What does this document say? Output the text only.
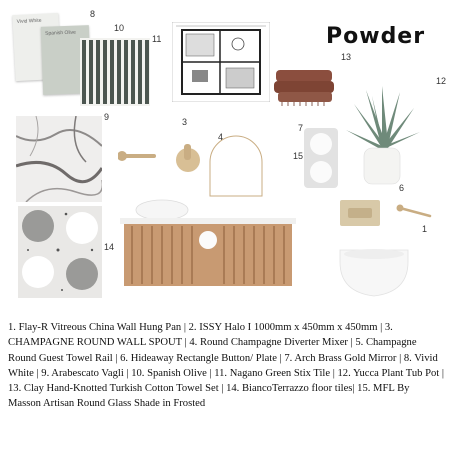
Powder
Vivid White
Spanish Olive
8
10
11
13
12
9	3
4
7
15
6
14
1
1. Flay-R Vitreous China Wall Hung Pan | 2. ISSY Halo I 1000mm x 450mm x 450mm | 3. CHAMPAGNE ROUND WALL SPOUT | 4. Round Champagne Diverter Mixer | 5. Champagne Round Guest Towel Rail | 6. Hideaway Rectangle Button/ Plate | 7. Arch Brass Gold Mirror | 8. Vivid White | 9. Arabescato Vagli | 10. Spanish Olive | 11. Nagano Green Stix Tile | 12. Yucca Plant Tub Pot | 13. Clay Hand-Knotted Turkish Cotton Towel Set | 14. BiancoTerrazzo floor tiles| 15. MFL By Masson Artisan Round Glass Shade in Frosted
